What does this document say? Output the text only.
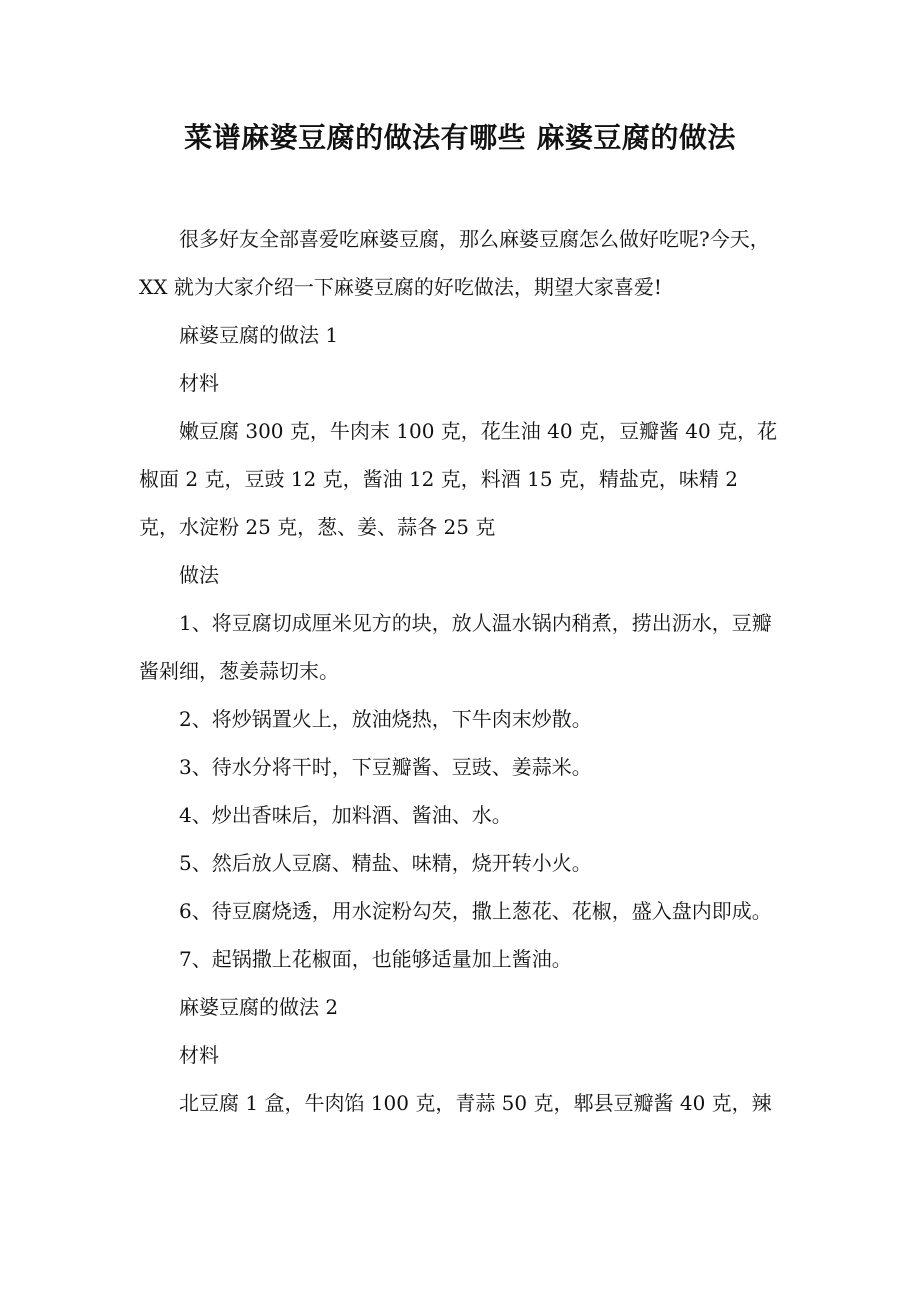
菜谱麻婆豆腐的做法有哪些 麻婆豆腐的做法

很多好友全部喜爱吃麻婆豆腐，那么麻婆豆腐怎么做好吃呢?今天，XX 就为大家介绍一下麻婆豆腐的好吃做法，期望大家喜爱!

麻婆豆腐的做法 1

材料

嫩豆腐 300 克，牛肉末 100 克，花生油 40 克，豆瓣酱 40 克，花椒面 2 克，豆豉 12 克，酱油 12 克，料酒 15 克，精盐克，味精 2 克，水淀粉 25 克，葱、姜、蒜各 25 克

做法

1、将豆腐切成厘米见方的块，放人温水锅内稍煮，捞出沥水，豆瓣酱剁细，葱姜蒜切末。

2、将炒锅置火上，放油烧热，下牛肉末炒散。

3、待水分将干时，下豆瓣酱、豆豉、姜蒜米。

4、炒出香味后，加料酒、酱油、水。

5、然后放人豆腐、精盐、味精，烧开转小火。

6、待豆腐烧透，用水淀粉勾芡，撒上葱花、花椒，盛入盘内即成。

7、起锅撒上花椒面，也能够适量加上酱油。

麻婆豆腐的做法 2

材料

北豆腐 1 盒，牛肉馅 100 克，青蒜 50 克，郫县豆瓣酱 40 克，辣
